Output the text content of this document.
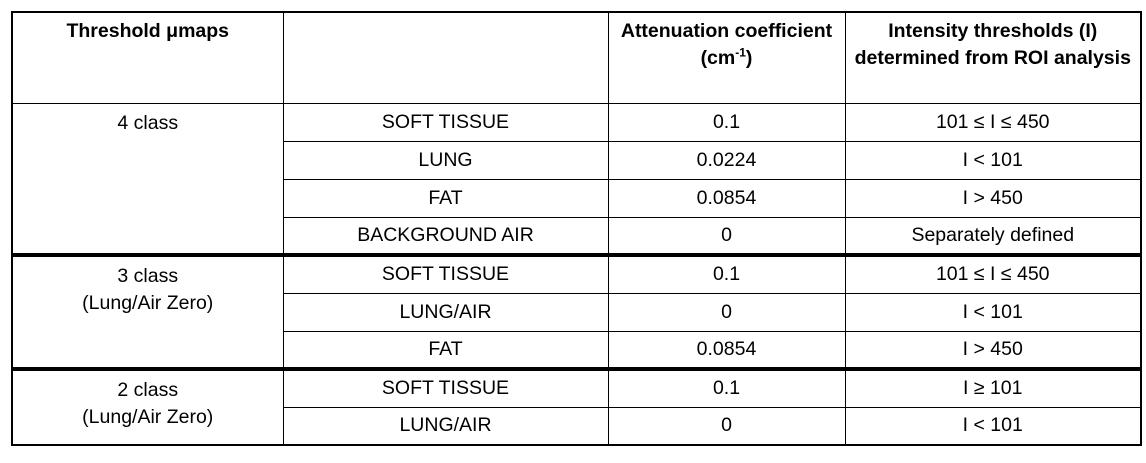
Threshold μmaps		Attenuation coefficient $(cm^{-1})$	Intensity thresholds (I) determined from ROI analysis

4 class	SOFT TISSUE	0.1	101 ≤ I ≤ 450
	LUNG	0.0224	I < 101
	FAT	0.0854	I > 450
	BACKGROUND AIR	0	Separately defined

3 class
(Lung/Air Zero)	SOFT TISSUE	0.1	101 ≤ I ≤ 450
	LUNG/AIR	0	I < 101
	FAT	0.0854	I > 450

2 class
(Lung/Air Zero)	SOFT TISSUE	0.1	I ≥ 101
	LUNG/AIR	0	I < 101
